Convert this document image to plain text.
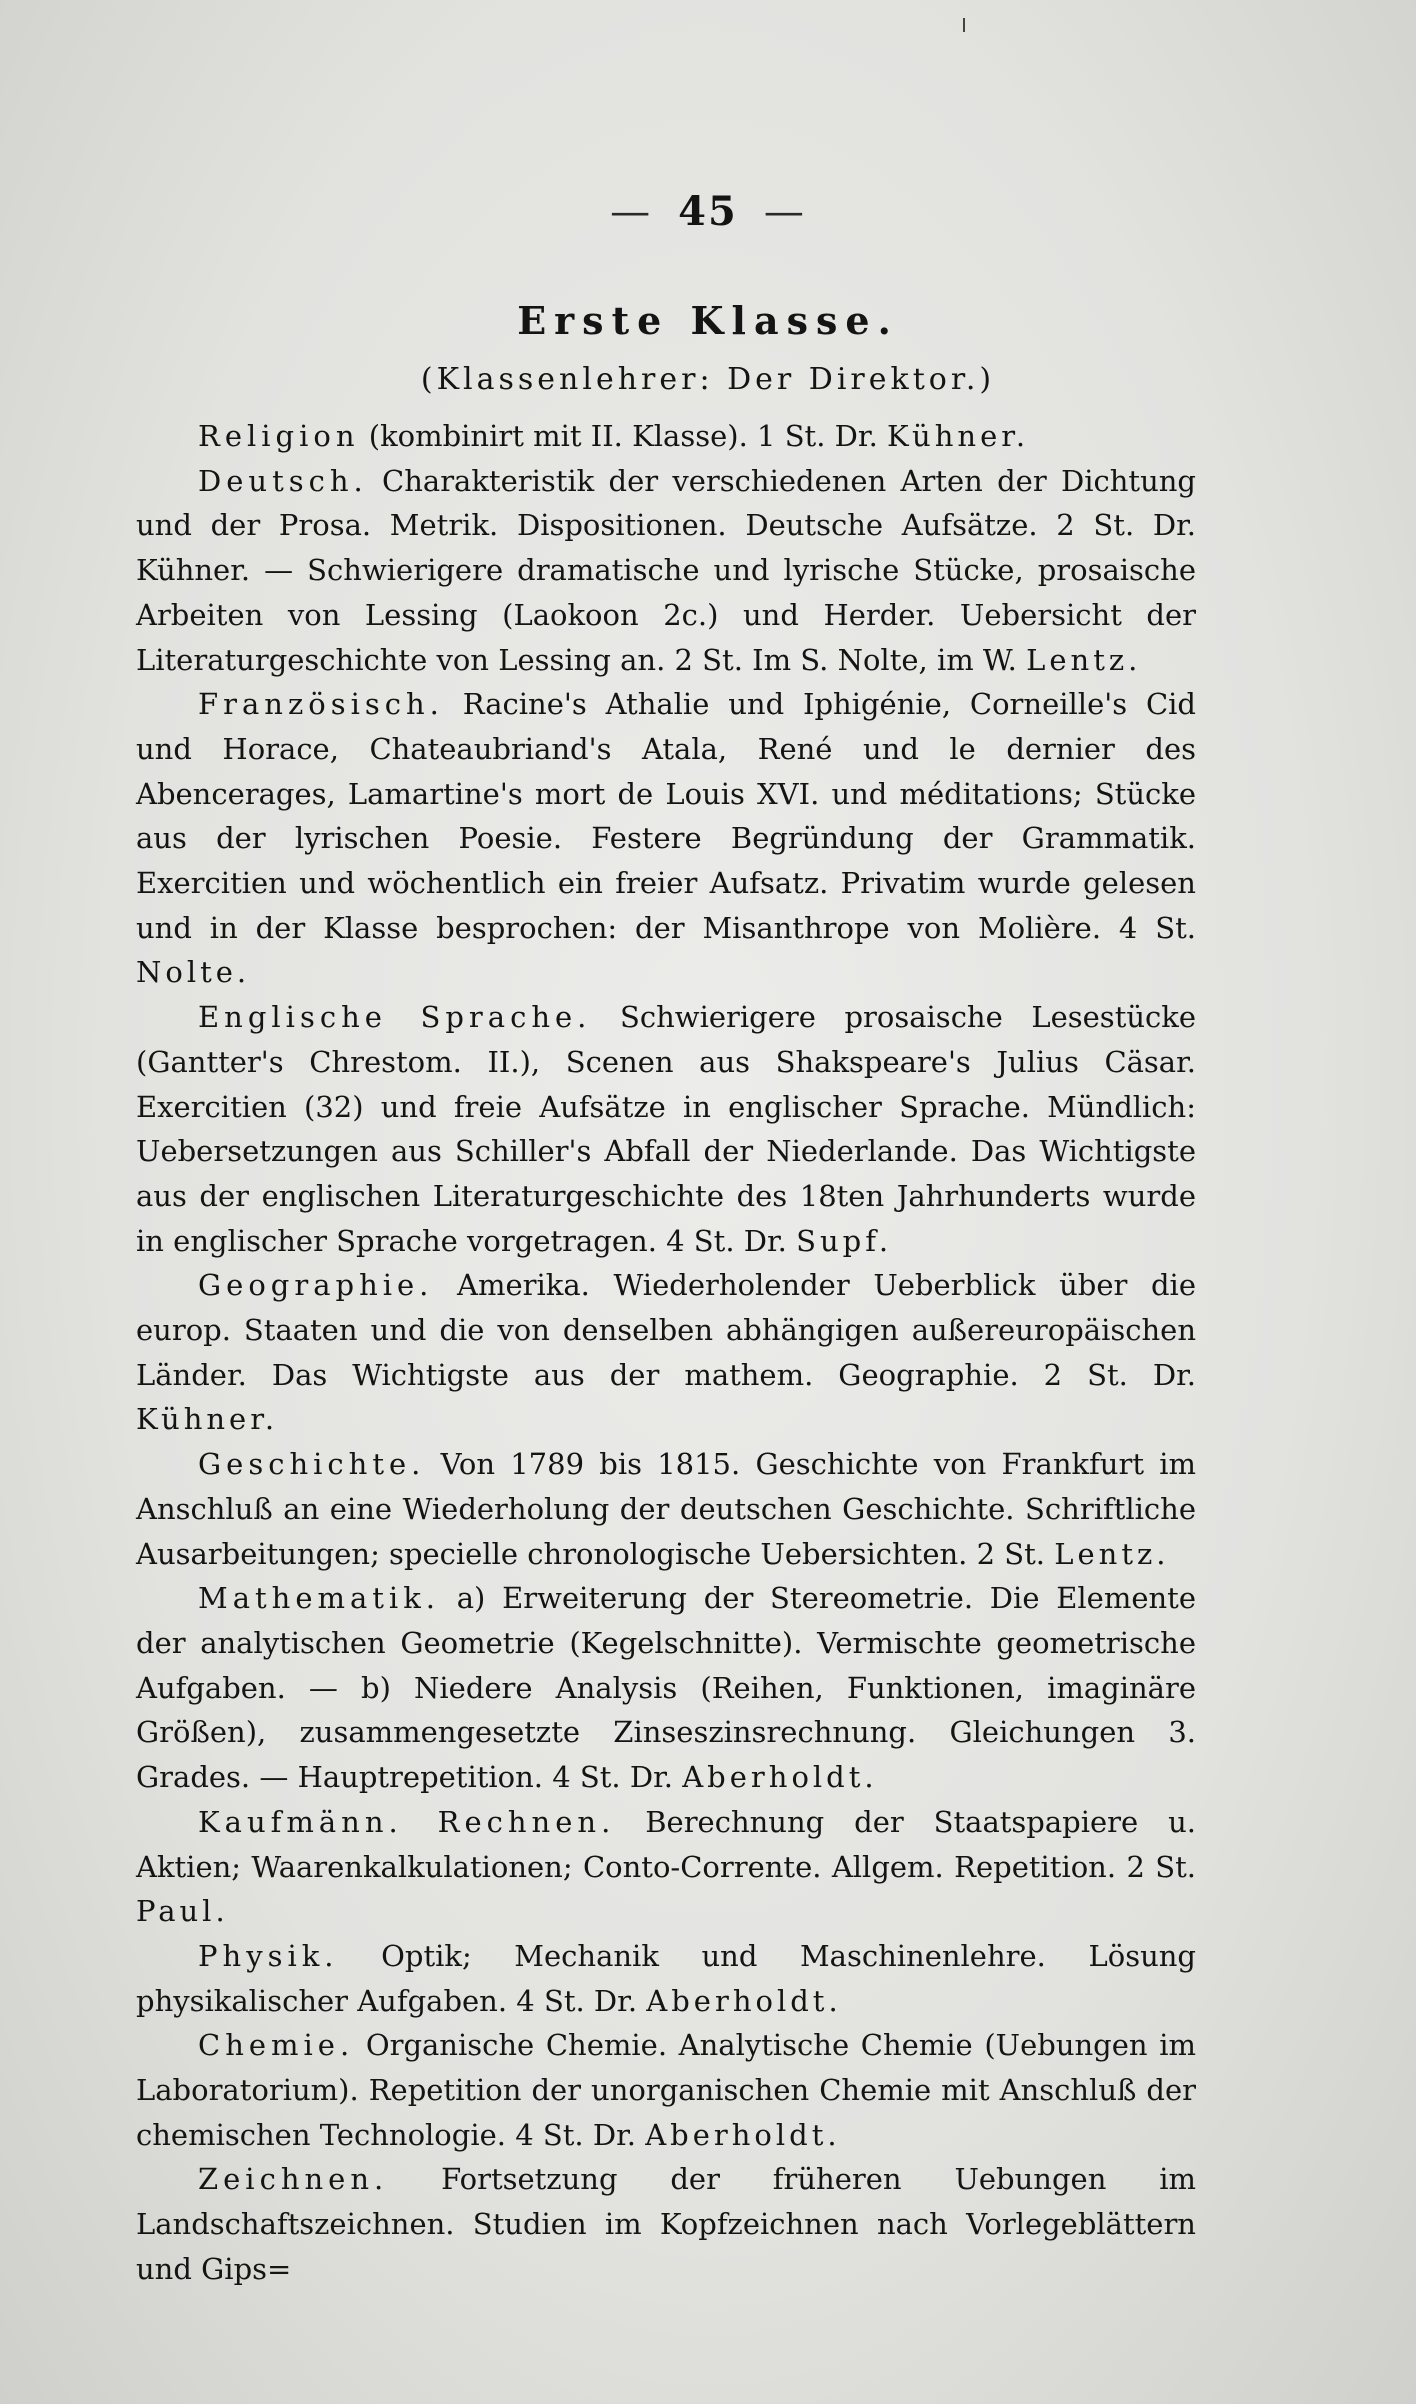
— 45 —
Erste Klasse.
(Klassenlehrer: Der Direktor.)

Religion (kombinirt mit II. Klasse). 1 St. Dr. Kühner.

Deutsch. Charakteristik der verschiedenen Arten der Dichtung und der Prosa. Metrik. Dispositionen. Deutsche Aufsätze. 2 St. Dr. Kühner. — Schwierigere dramatische und lyrische Stücke, prosaische Arbeiten von Lessing (Laokoon 2c.) und Herder. Uebersicht der Literaturgeschichte von Lessing an. 2 St. Im S. Nolte, im W. Lentz.

Französisch. Racine's Athalie und Iphigénie, Corneille's Cid und Horace, Chateaubriand's Atala, René und le dernier des Abencerages, Lamartine's mort de Louis XVI. und méditations; Stücke aus der lyrischen Poesie. Festere Begründung der Grammatik. Exercitien und wöchentlich ein freier Aufsatz. Privatim wurde gelesen und in der Klasse besprochen: der Misanthrope von Molière. 4 St. Nolte.

Englische Sprache. Schwierigere prosaische Lesestücke (Gantter's Chrestom. II.), Scenen aus Shakspeare's Julius Cäsar. Exercitien (32) und freie Aufsätze in englischer Sprache. Mündlich: Uebersetzungen aus Schiller's Abfall der Niederlande. Das Wichtigste aus der englischen Literaturgeschichte des 18ten Jahrhunderts wurde in englischer Sprache vorgetragen. 4 St. Dr. Supf.

Geographie. Amerika. Wiederholender Ueberblick über die europ. Staaten und die von denselben abhängigen außereuropäischen Länder. Das Wichtigste aus der mathem. Geographie. 2 St. Dr. Kühner.

Geschichte. Von 1789 bis 1815. Geschichte von Frankfurt im Anschluß an eine Wiederholung der deutschen Geschichte. Schriftliche Ausarbeitungen; specielle chronologische Uebersichten. 2 St. Lentz.

Mathematik. a) Erweiterung der Stereometrie. Die Elemente der analytischen Geometrie (Kegelschnitte). Vermischte geometrische Aufgaben. — b) Niedere Analysis (Reihen, Funktionen, imaginäre Größen), zusammengesetzte Zinseszinsrechnung. Gleichungen 3. Grades. — Hauptrepetition. 4 St. Dr. Aberholdt.

Kaufmänn. Rechnen. Berechnung der Staatspapiere u. Aktien; Waarenkalkulationen; Conto-Corrente. Allgem. Repetition. 2 St. Paul.

Physik. Optik; Mechanik und Maschinenlehre. Lösung physikalischer Aufgaben. 4 St. Dr. Aberholdt.

Chemie. Organische Chemie. Analytische Chemie (Uebungen im Laboratorium). Repetition der unorganischen Chemie mit Anschluß der chemischen Technologie. 4 St. Dr. Aberholdt.

Zeichnen. Fortsetzung der früheren Uebungen im Landschaftszeichnen. Studien im Kopfzeichnen nach Vorlegeblättern und Gips=
